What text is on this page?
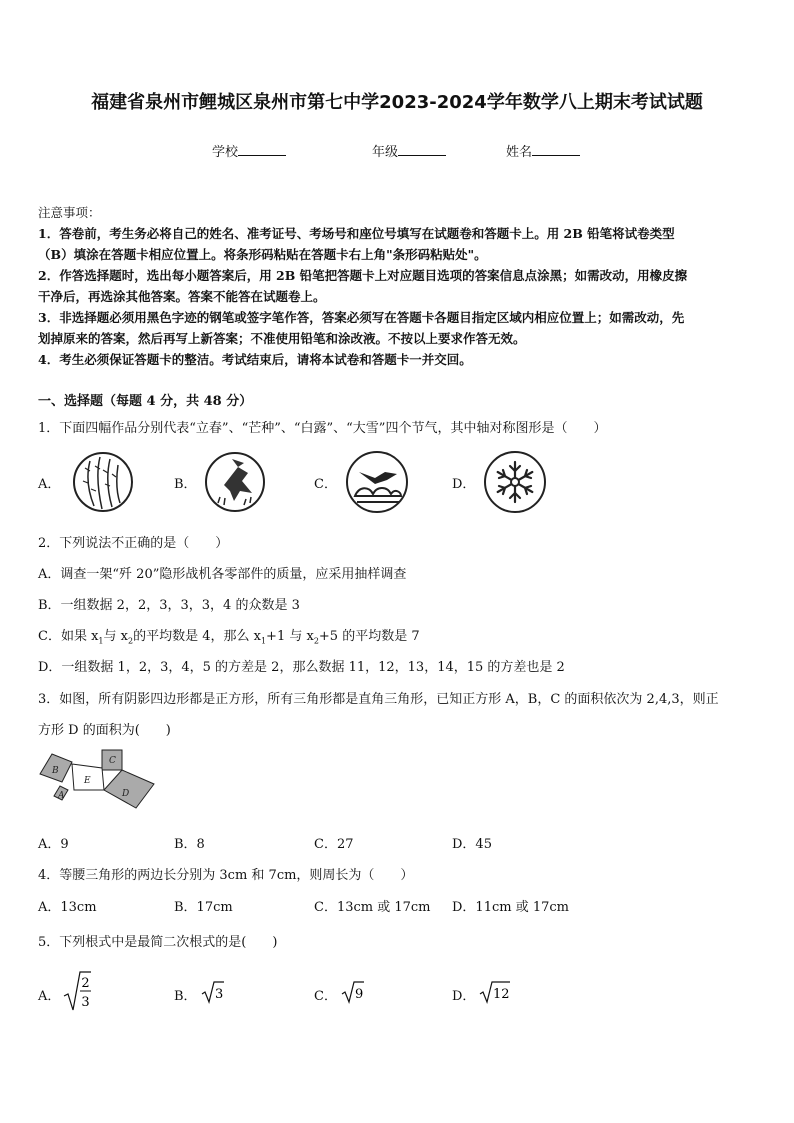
福建省泉州市鲤城区泉州市第七中学2023-2024学年数学八上期末考试试题
学校	年级	姓名
注意事项：
1．答卷前，考生务必将自己的姓名、准考证号、考场号和座位号填写在试题卷和答题卡上。用 2B 铅笔将试卷类型
（B）填涂在答题卡相应位置上。将条形码粘贴在答题卡右上角"条形码粘贴处"。
2．作答选择题时，选出每小题答案后，用 2B 铅笔把答题卡上对应题目选项的答案信息点涂黑；如需改动，用橡皮擦
干净后，再选涂其他答案。答案不能答在试题卷上。
3．非选择题必须用黑色字迹的钢笔或签字笔作答，答案必须写在答题卡各题目指定区域内相应位置上；如需改动，先
划掉原来的答案，然后再写上新答案；不准使用铅笔和涂改液。不按以上要求作答无效。
4．考生必须保证答题卡的整洁。考试结束后，请将本试卷和答题卡一并交回。
一、选择题（每题 4 分，共 48 分）
1．下面四幅作品分别代表“立春”、“芒种”、“白露”、“大雪”四个节气，其中轴对称图形是（　　）
A．	B．	C．	D．
2．下列说法不正确的是（　　）
A．调查一架“歼 20”隐形战机各零部件的质量，应采用抽样调查
B．一组数据 2，2，3，3，3，4 的众数是 3
C．如果 $x_1$与 $x_2$的平均数是 4，那么 $x_1+1$ 与 $x_2+5$ 的平均数是 7
D．一组数据 1，2，3，4，5 的方差是 2，那么数据 11，12，13，14，15 的方差也是 2
3．如图，所有阴影四边形都是正方形，所有三角形都是直角三角形，已知正方形 A，B，C 的面积依次为 2,4,3，则正
方形 D 的面积为(　　)
B
A
C
E
D
A．9	B．8	C．27	D．45
4．等腰三角形的两边长分别为 3cm 和 7cm，则周长为（　　）
A．13cm	B．17cm	C．13cm 或 17cm D．11cm 或 17cm
5．下列根式中是最简二次根式的是(　　)
A．
2
3	B． 3	C． 9	D． 12
